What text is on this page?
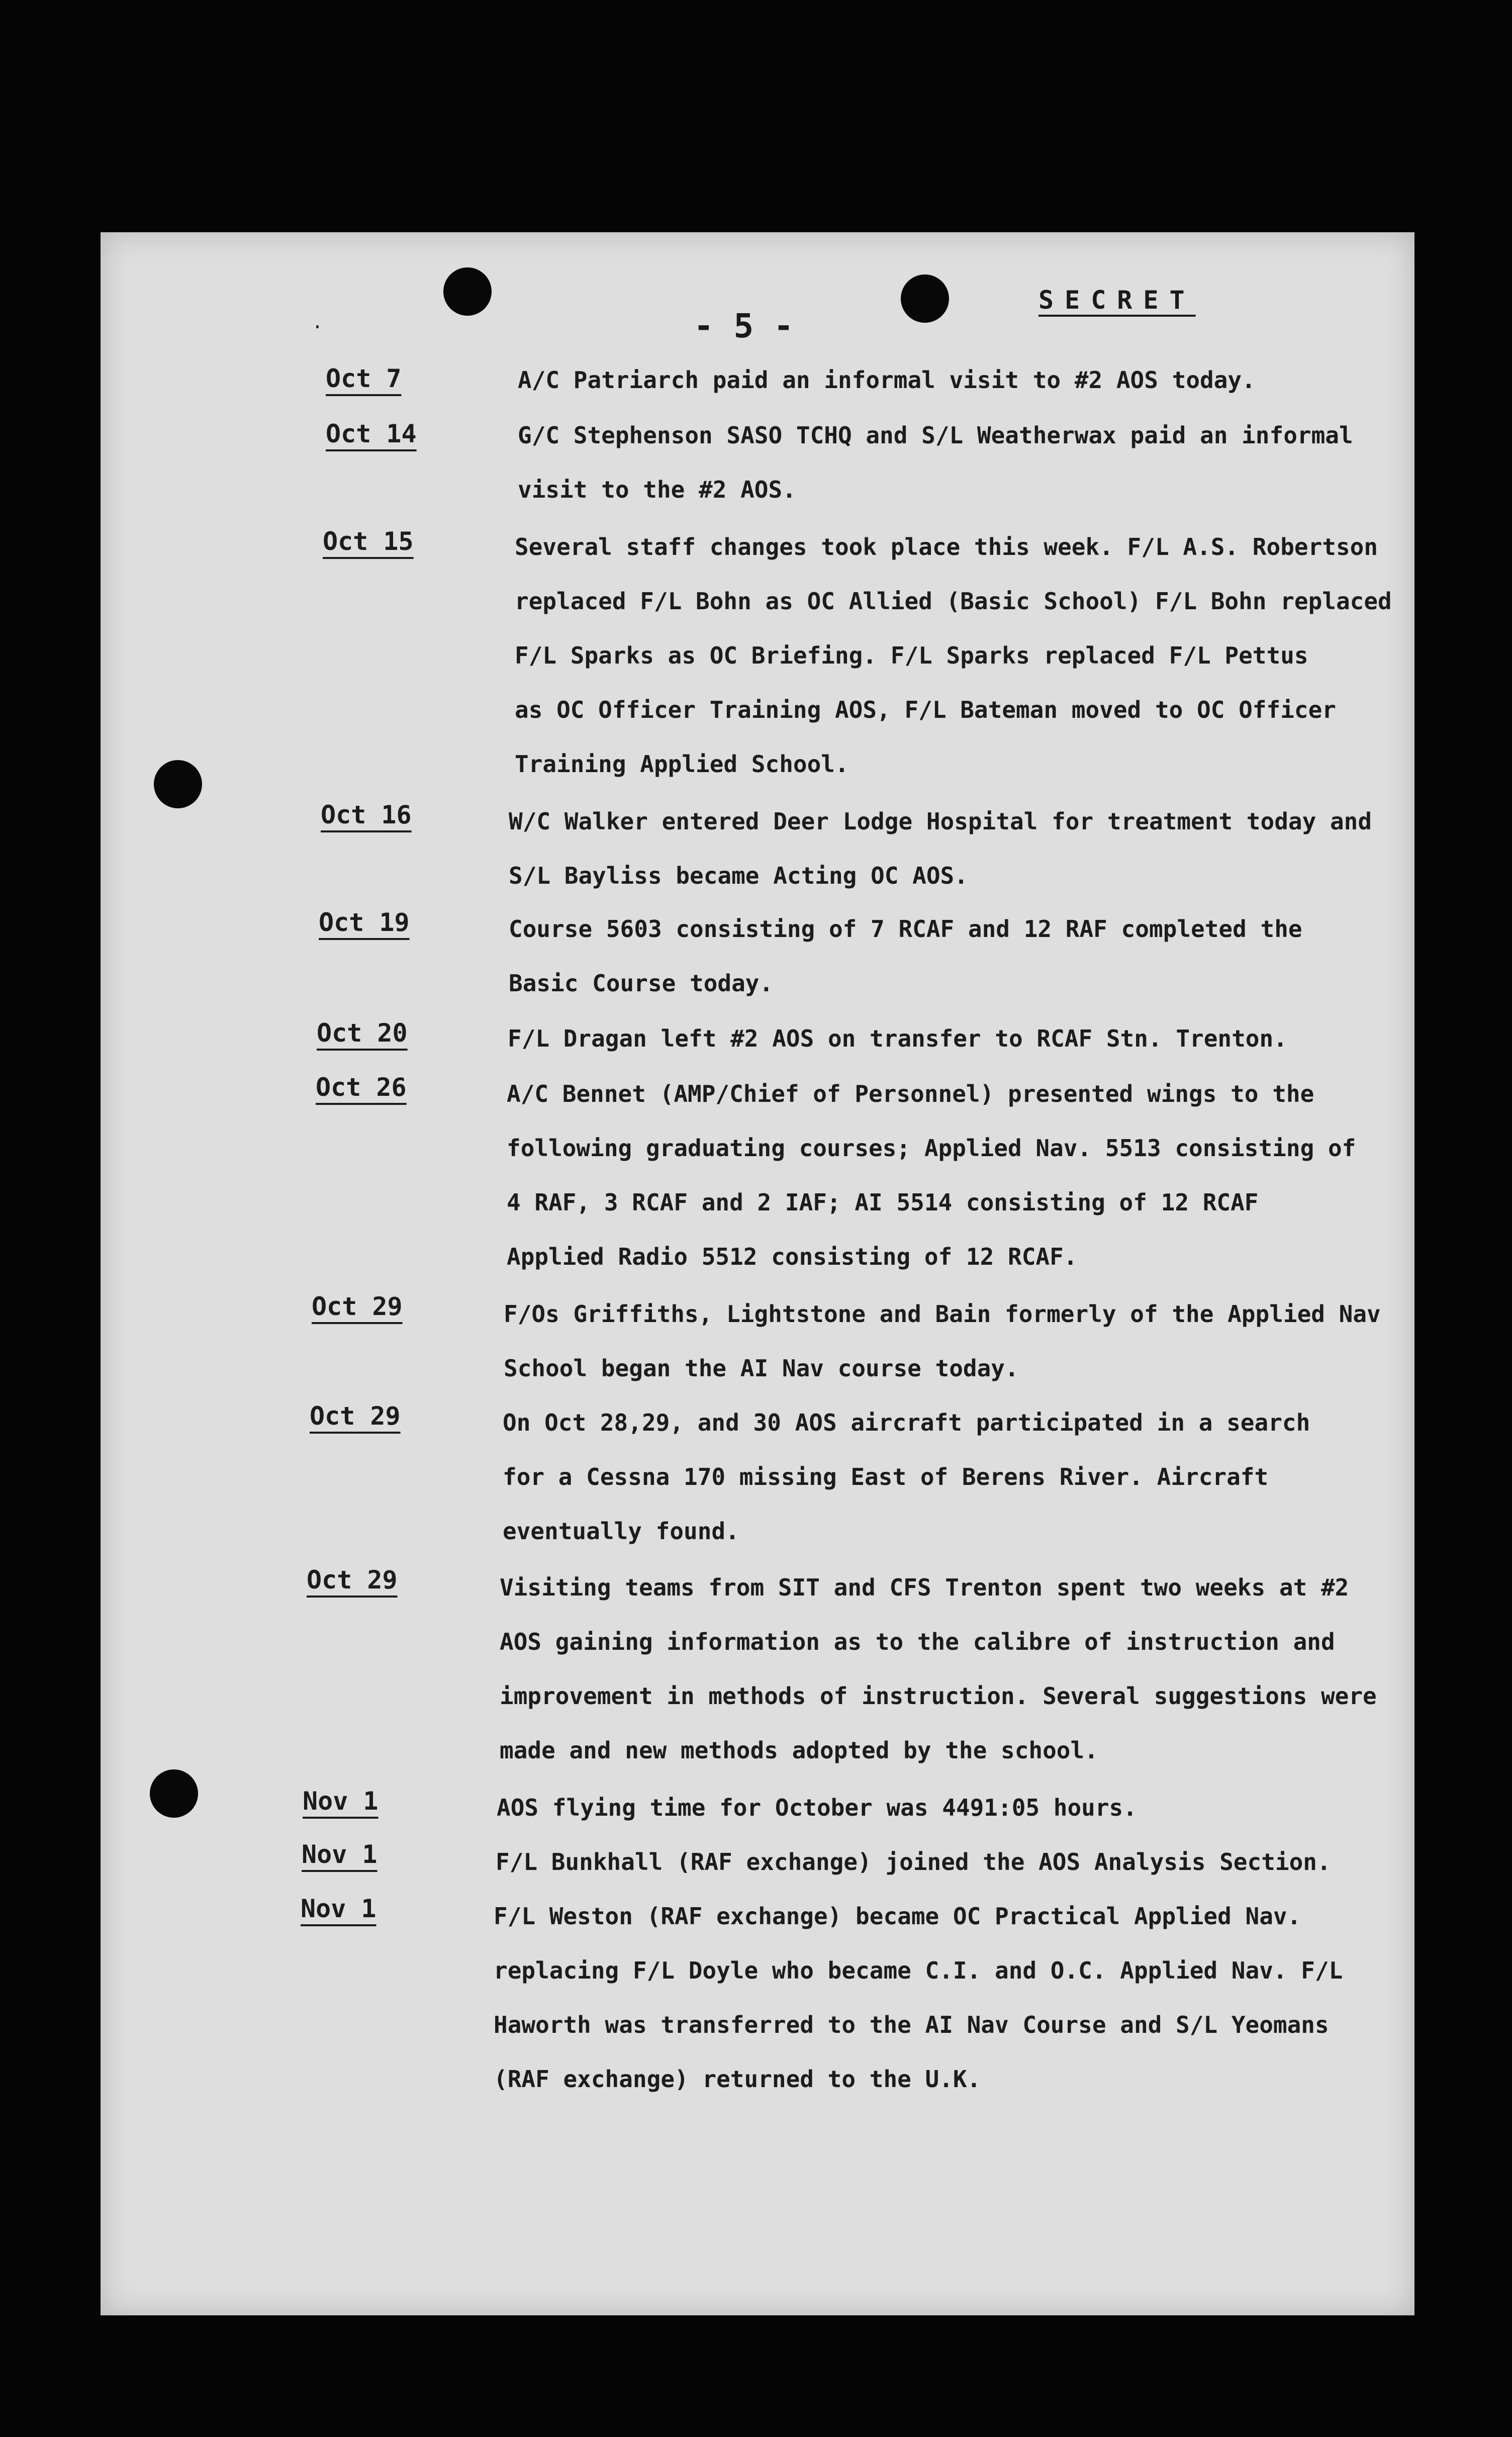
.	- 5 -
SECRET
Oct 7	A/C Patriarch paid an informal visit to #2 AOS today.
Oct 14	G/C Stephenson SASO TCHQ and S/L Weatherwax paid an informal
visit to the #2 AOS.
Oct 15	Several staff changes took place this week. F/L A.S. Robertson
replaced F/L Bohn as OC Allied (Basic School) F/L Bohn replaced
F/L Sparks as OC Briefing. F/L Sparks replaced F/L Pettus
as OC Officer Training AOS, F/L Bateman moved to OC Officer
Training Applied School.
Oct 16	W/C Walker entered Deer Lodge Hospital for treatment today and
S/L Bayliss became Acting OC AOS.
Oct 19	Course 5603 consisting of 7 RCAF and 12 RAF completed the
Basic Course today.
Oct 20	F/L Dragan left #2 AOS on transfer to RCAF Stn. Trenton.
Oct 26	A/C Bennet (AMP/Chief of Personnel) presented wings to the
following graduating courses; Applied Nav. 5513 consisting of
4 RAF, 3 RCAF and 2 IAF; AI 5514 consisting of 12 RCAF
Applied Radio 5512 consisting of 12 RCAF.
Oct 29	F/Os Griffiths, Lightstone and Bain formerly of the Applied Nav
School began the AI Nav course today.
Oct 29	On Oct 28,29, and 30 AOS aircraft participated in a search
for a Cessna 170 missing East of Berens River. Aircraft
eventually found.
Oct 29	Visiting teams from SIT and CFS Trenton spent two weeks at #2
AOS gaining information as to the calibre of instruction and
improvement in methods of instruction. Several suggestions were
made and new methods adopted by the school.
Nov 1	AOS flying time for October was 4491:05 hours.
Nov 1	F/L Bunkhall (RAF exchange) joined the AOS Analysis Section.
Nov 1	F/L Weston (RAF exchange) became OC Practical Applied Nav.
replacing F/L Doyle who became C.I. and O.C. Applied Nav. F/L
Haworth was transferred to the AI Nav Course and S/L Yeomans
(RAF exchange) returned to the U.K.
